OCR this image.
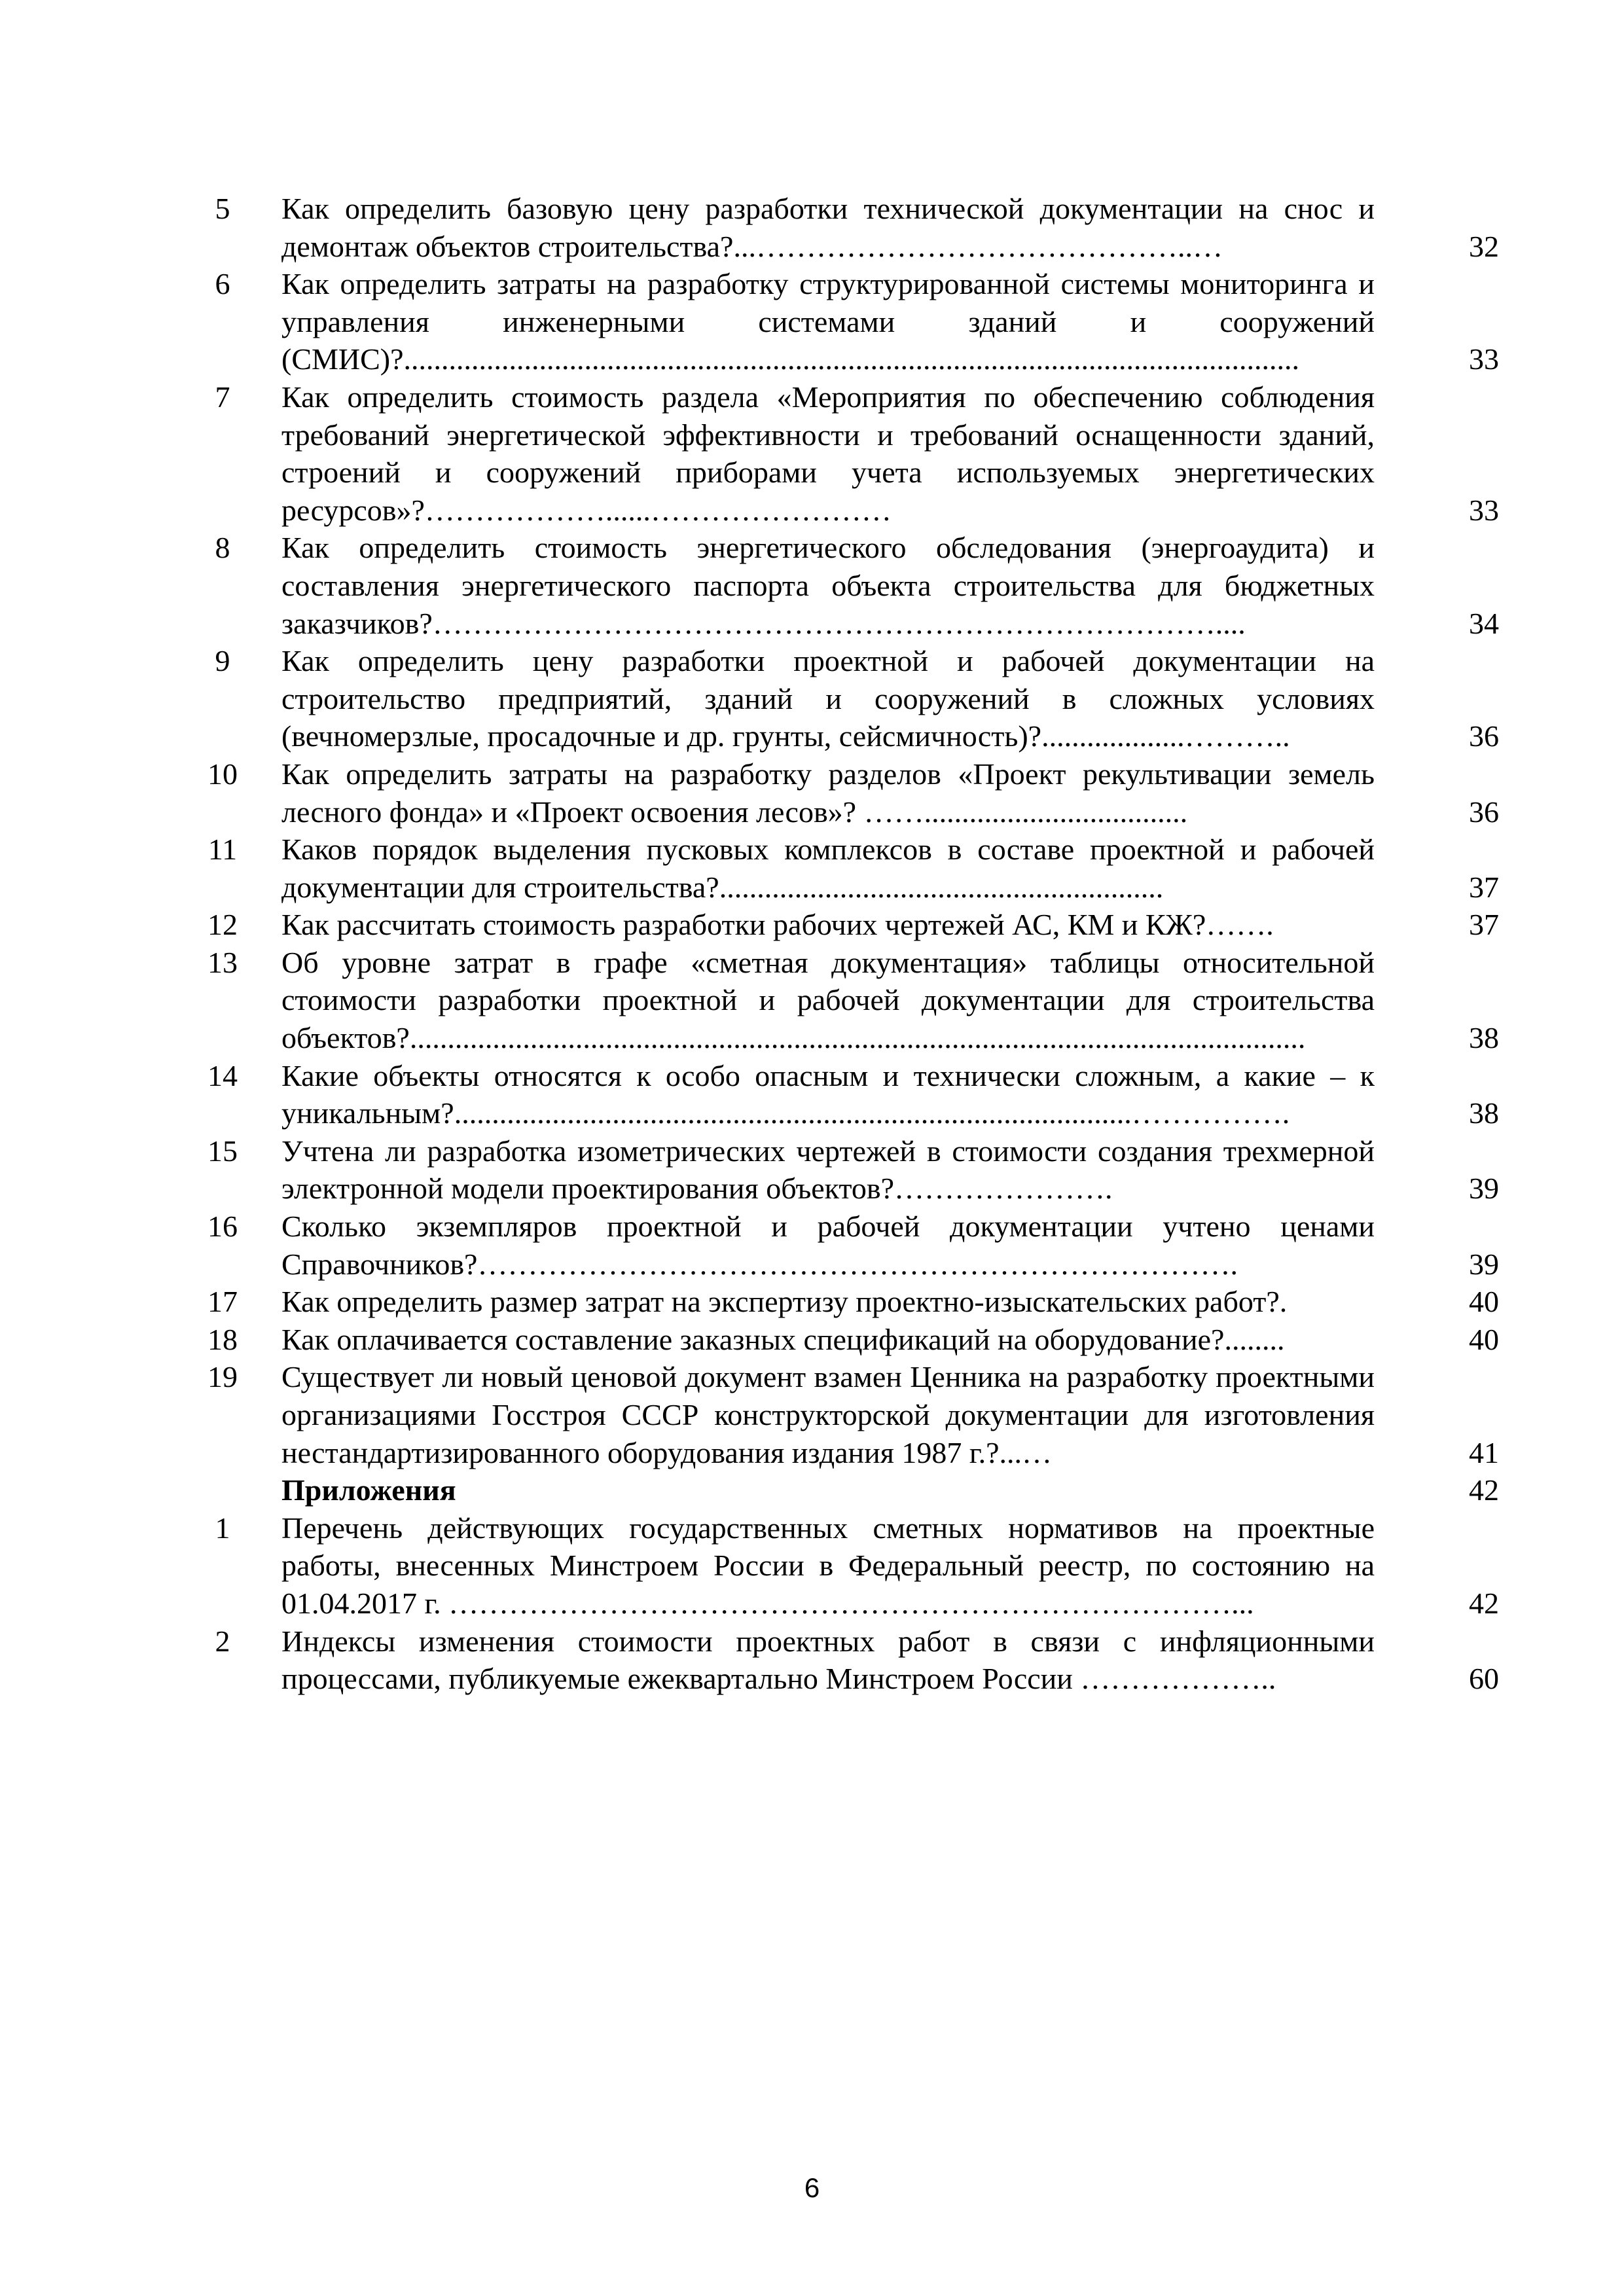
5	Как определить базовую цену разработки технической документации на снос и демонтаж объектов строительства?...……………………………………..…	32
6	Как определить затраты на разработку структурированной системы мониторинга и управления инженерными системами зданий и сооружений (СМИС)?.......................................................................................................................	33
7	Как определить стоимость раздела «Мероприятия по обеспечению соблюдения требований энергетической эффективности и требований оснащенности зданий, строений и сооружений приборами учета используемых энергетических ресурсов»?………………......……………………	33
8	Как определить стоимость энергетического обследования (энергоаудита) и составления энергетического паспорта объекта строительства для бюджетных заказчиков?……………………………………………………………………....	34
9	Как определить цену разработки проектной и рабочей документации на строительство предприятий, зданий и сооружений в сложных условиях (вечномерзлые, просадочные и др. грунты, сейсмичность)?...................………..	36
10	Как определить затраты на разработку разделов «Проект рекультивации земель лесного фонда» и «Проект освоения лесов»? ……...................................	36
11	Каков порядок выделения пусковых комплексов в составе проектной и рабочей документации для строительства?...........................................................	37
12	Как рассчитать стоимость разработки рабочих чертежей АС, КМ и КЖ?…….	37
13	Об уровне затрат в графе «сметная документация» таблицы относительной стоимости разработки проектной и рабочей документации для строительства объектов?.......................................................................................................................	38
14	Какие объекты относятся к особо опасным и технически сложным, а какие – к уникальным?..........................................................................................…………….	38
15	Учтена ли разработка изометрических чертежей в стоимости создания трехмерной электронной модели проектирования объектов?………………….	39
16	Сколько экземпляров проектной и рабочей документации учтено ценами Справочников?………………………………………………………………….	39
17	Как определить размер затрат на экспертизу проектно-изыскательских работ?.	40
18	Как оплачивается составление заказных спецификаций на оборудование?........	40
19	Существует ли новый ценовой документ взамен Ценника на разработку проектными организациями Госстроя СССР конструкторской документации для изготовления нестандартизированного оборудования издания 1987 г.?...…	41
Приложения	42
1	Перечень действующих государственных сметных нормативов на проектные работы, внесенных Минстроем России в Федеральный реестр, по состоянию на 01.04.2017 г. ……………………………………………………………………...	42
2	Индексы изменения стоимости проектных работ в связи с инфляционными процессами, публикуемые ежеквартально Минстроем России ………………..	60
6
